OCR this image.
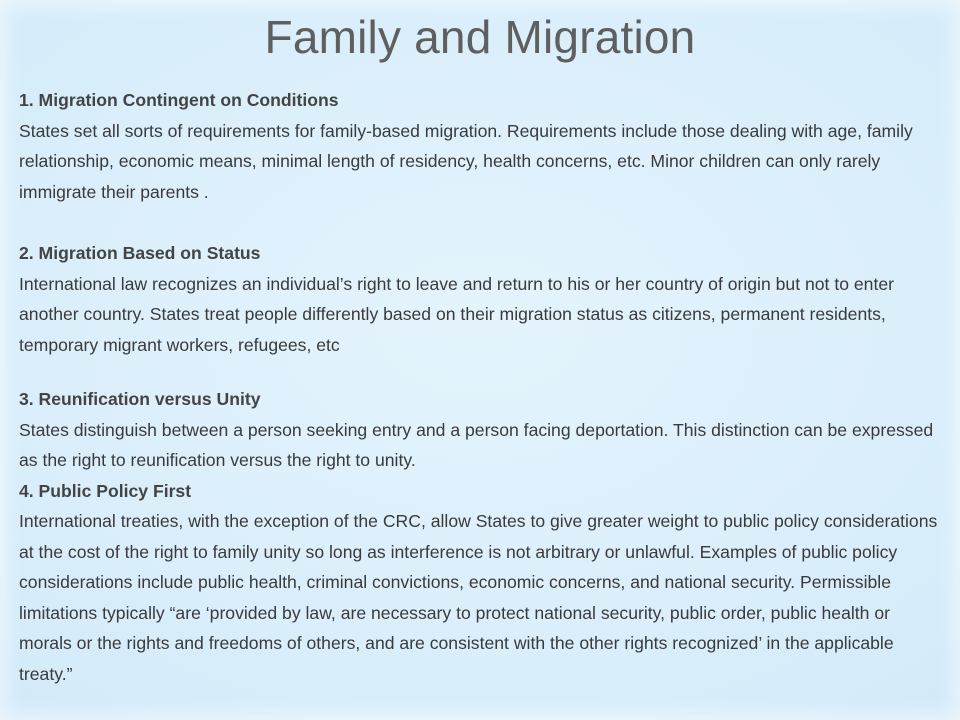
Family and Migration

1. Migration Contingent on Conditions

States set all sorts of requirements for family-based migration. Requirements include those dealing with age, family relationship, economic means, minimal length of residency, health concerns, etc. Minor children can only rarely immigrate their parents .

2. Migration Based on Status

International law recognizes an individual’s right to leave and return to his or her country of origin but not to enter another country. States treat people differently based on their migration status as citizens, permanent residents, temporary migrant workers, refugees, etc

3. Reunification versus Unity

States distinguish between a person seeking entry and a person facing deportation. This distinction can be expressed as the right to reunification versus the right to unity.

4. Public Policy First

International treaties, with the exception of the CRC, allow States to give greater weight to public policy considerations at the cost of the right to family unity so long as interference is not arbitrary or unlawful. Examples of public policy considerations include public health, criminal convictions, economic concerns, and national security. Permissible limitations typically “are ‘provided by law, are necessary to protect national security, public order, public health or morals or the rights and freedoms of others, and are consistent with the other rights recognized’ in the applicable treaty.”
